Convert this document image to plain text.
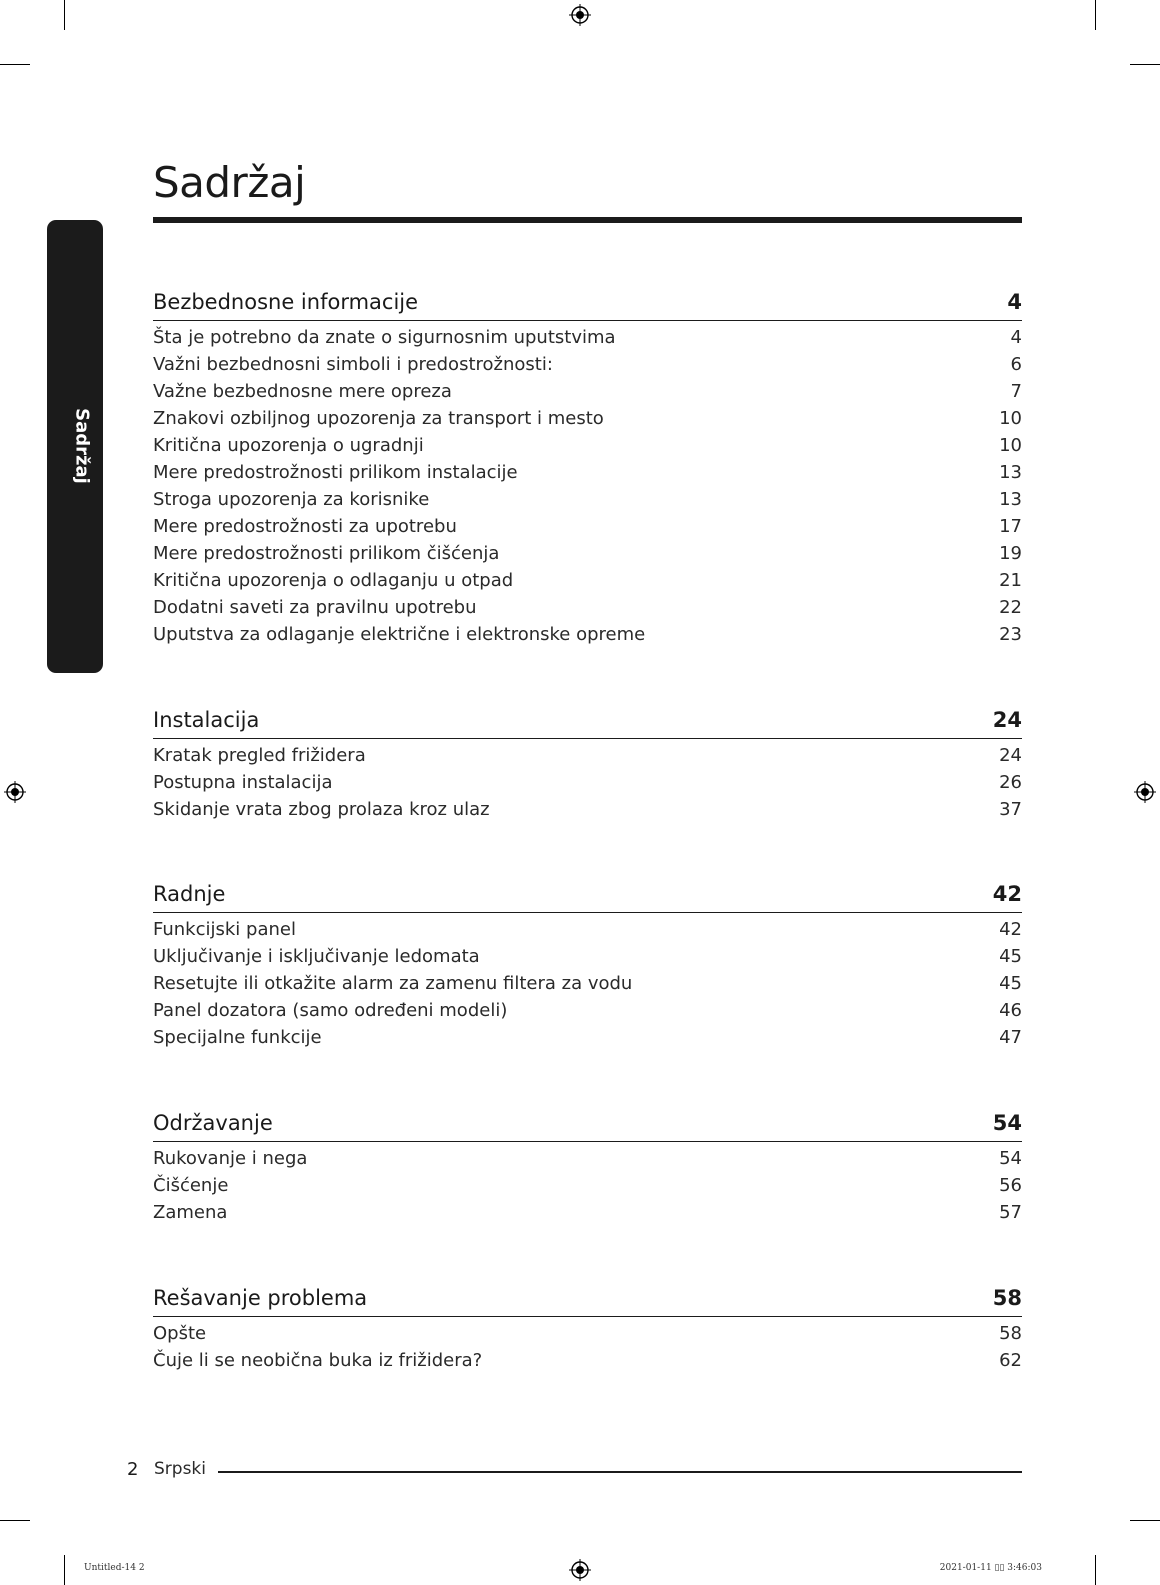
Sadržaj
Sadržaj
Bezbednosne informacije	4
Šta je potrebno da znate o sigurnosnim uputstvima	4
Važni bezbednosni simboli i predostrožnosti:	6
Važne bezbednosne mere opreza	7
Znakovi ozbiljnog upozorenja za transport i mesto	10
Kritična upozorenja o ugradnji	10
Mere predostrožnosti prilikom instalacije	13
Stroga upozorenja za korisnike	13
Mere predostrožnosti za upotrebu	17
Mere predostrožnosti prilikom čišćenja	19
Kritična upozorenja o odlaganju u otpad	21
Dodatni saveti za pravilnu upotrebu	22
Uputstva za odlaganje električne i elektronske opreme	23
Instalacija	24
Kratak pregled frižidera	24
Postupna instalacija	26
Skidanje vrata zbog prolaza kroz ulaz	37
Radnje	42
Funkcijski panel	42
Uključivanje i isključivanje ledomata	45
Resetujte ili otkažite alarm za zamenu filtera za vodu	45
Panel dozatora (samo određeni modeli)	46
Specijalne funkcije	47
Održavanje	54
Rukovanje i nega	54
Čišćenje	56
Zamena	57
Rešavanje problema	58
Opšte	58
Čuje li se neobična buka iz frižidera?	62
2 Srpski
Untitled-14 2	2021-01-11 ▯▯ 3:46:03
